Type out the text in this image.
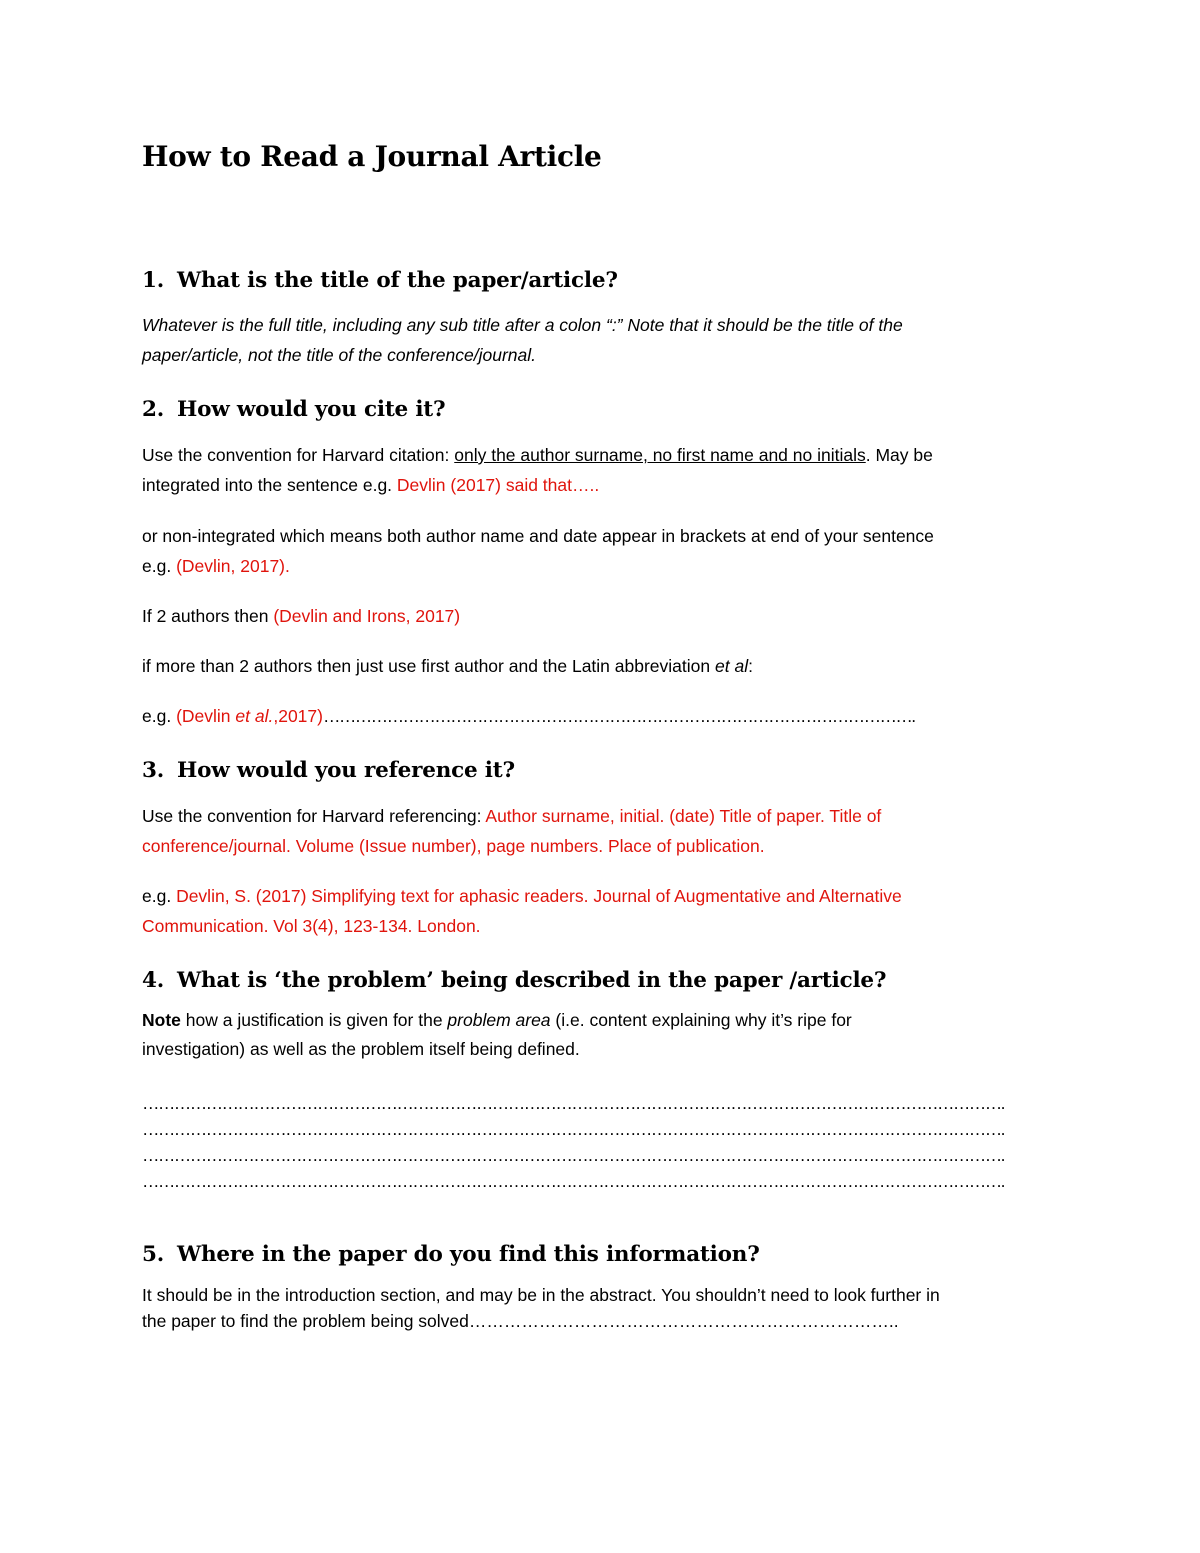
How to Read a Journal Article
1. What is the title of the paper/article?
Whatever is the full title, including any sub title after a colon “:” Note that it should be the title of the
paper/article, not the title of the conference/journal.
2. How would you cite it?
Use the convention for Harvard citation: only the author surname, no first name and no initials. May be
integrated into the sentence e.g. Devlin (2017) said that…..
or non-integrated which means both author name and date appear in brackets at end of your sentence
e.g. (Devlin, 2017).
If 2 authors then (Devlin and Irons, 2017)
if more than 2 authors then just use first author and the Latin abbreviation et al:
e.g. (Devlin et al.,2017)………………………………………………………………………………………………….
3. How would you reference it?
Use the convention for Harvard referencing: Author surname, initial. (date) Title of paper. Title of
conference/journal. Volume (Issue number), page numbers. Place of publication.
e.g. Devlin, S. (2017) Simplifying text for aphasic readers. Journal of Augmentative and Alternative
Communication. Vol 3(4), 123-134. London.
4. What is ‘the problem’ being described in the paper /article?
Note how a justification is given for the problem area (i.e. content explaining why it’s ripe for
investigation) as well as the problem itself being defined.
……………………………………………………………………………………………………………………………………………….
……………………………………………………………………………………………………………………………………………….
……………………………………………………………………………………………………………………………………………….
……………………………………………………………………………………………………………………………………………….
5. Where in the paper do you find this information?
It should be in the introduction section, and may be in the abstract. You shouldn’t need to look further in
the paper to find the problem being solved………………………………………………………………..
